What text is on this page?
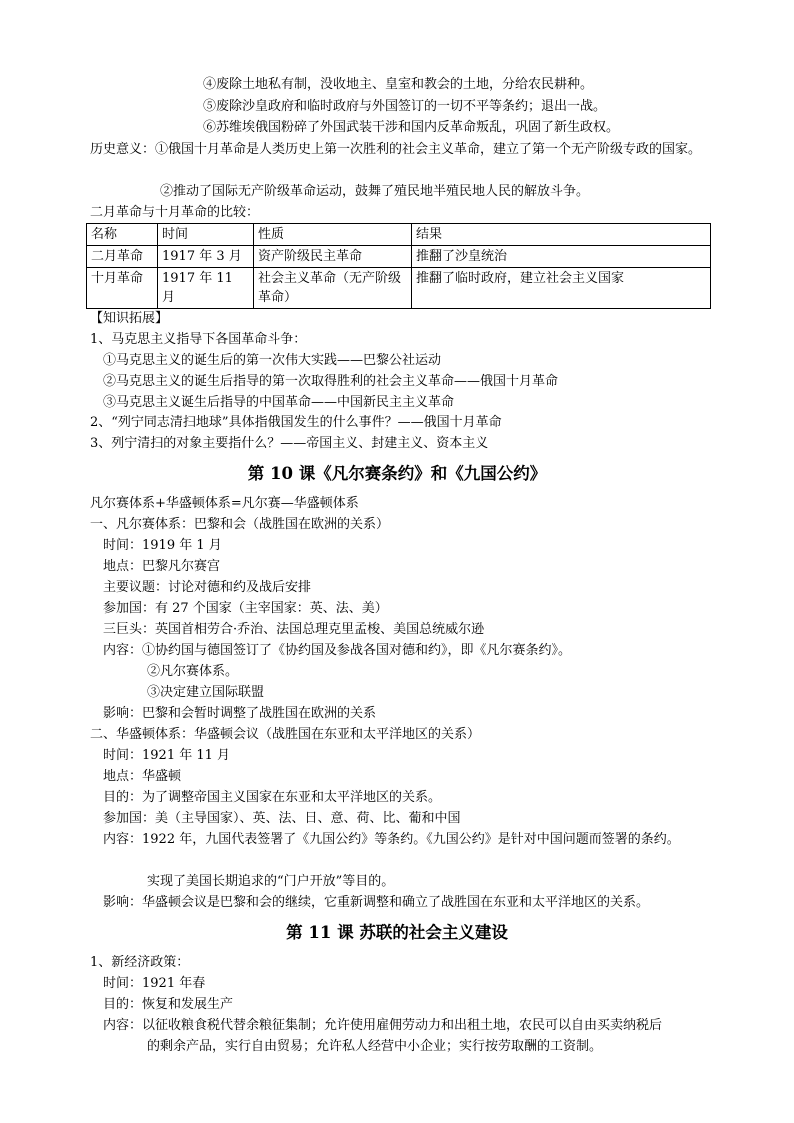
④废除土地私有制，没收地主、皇室和教会的土地，分给农民耕种。
⑤废除沙皇政府和临时政府与外国签订的一切不平等条约；退出一战。
⑥苏维埃俄国粉碎了外国武装干涉和国内反革命叛乱，巩固了新生政权。
历史意义：①俄国十月革命是人类历史上第一次胜利的社会主义革命，建立了第一个无产阶级专政的国家。
②推动了国际无产阶级革命运动，鼓舞了殖民地半殖民地人民的解放斗争。
二月革命与十月革命的比较：
名称	时间	性质	结果
二月革命	1917 年 3 月	资产阶级民主革命	推翻了沙皇统治
十月革命	1917 年 11 月	社会主义革命（无产阶级革命）	推翻了临时政府，建立社会主义国家
【知识拓展】
1、马克思主义指导下各国革命斗争：
①马克思主义的诞生后的第一次伟大实践——巴黎公社运动
②马克思主义的诞生后指导的第一次取得胜利的社会主义革命——俄国十月革命
③马克思主义诞生后指导的中国革命——中国新民主主义革命
2、“列宁同志清扫地球”具体指俄国发生的什么事件？——俄国十月革命
3、列宁清扫的对象主要指什么？——帝国主义、封建主义、资本主义
第 10 课《凡尔赛条约》和《九国公约》
凡尔赛体系+华盛顿体系=凡尔赛—华盛顿体系
一、凡尔赛体系：巴黎和会（战胜国在欧洲的关系）
时间：1919 年 1 月
地点：巴黎凡尔赛宫
主要议题：讨论对德和约及战后安排
参加国：有 27 个国家（主宰国家：英、法、美）
三巨头：英国首相劳合·乔治、法国总理克里孟梭、美国总统威尔逊
内容：①协约国与德国签订了《协约国及参战各国对德和约》，即《凡尔赛条约》。
②凡尔赛体系。
③决定建立国际联盟
影响：巴黎和会暂时调整了战胜国在欧洲的关系
二、华盛顿体系：华盛顿会议（战胜国在东亚和太平洋地区的关系）
时间：1921 年 11 月
地点：华盛顿
目的：为了调整帝国主义国家在东亚和太平洋地区的关系。
参加国：美（主导国家）、英、法、日、意、荷、比、葡和中国
内容：1922 年，九国代表签署了《九国公约》等条约。《九国公约》是针对中国问题而签署的条约。
实现了美国长期追求的“门户开放”等目的。
影响：华盛顿会议是巴黎和会的继续，它重新调整和确立了战胜国在东亚和太平洋地区的关系。
第 11 课 苏联的社会主义建设
1、新经济政策：
时间：1921 年春
目的：恢复和发展生产
内容：以征收粮食税代替余粮征集制；允许使用雇佣劳动力和出租土地，农民可以自由买卖纳税后
的剩余产品，实行自由贸易；允许私人经营中小企业；实行按劳取酬的工资制。
